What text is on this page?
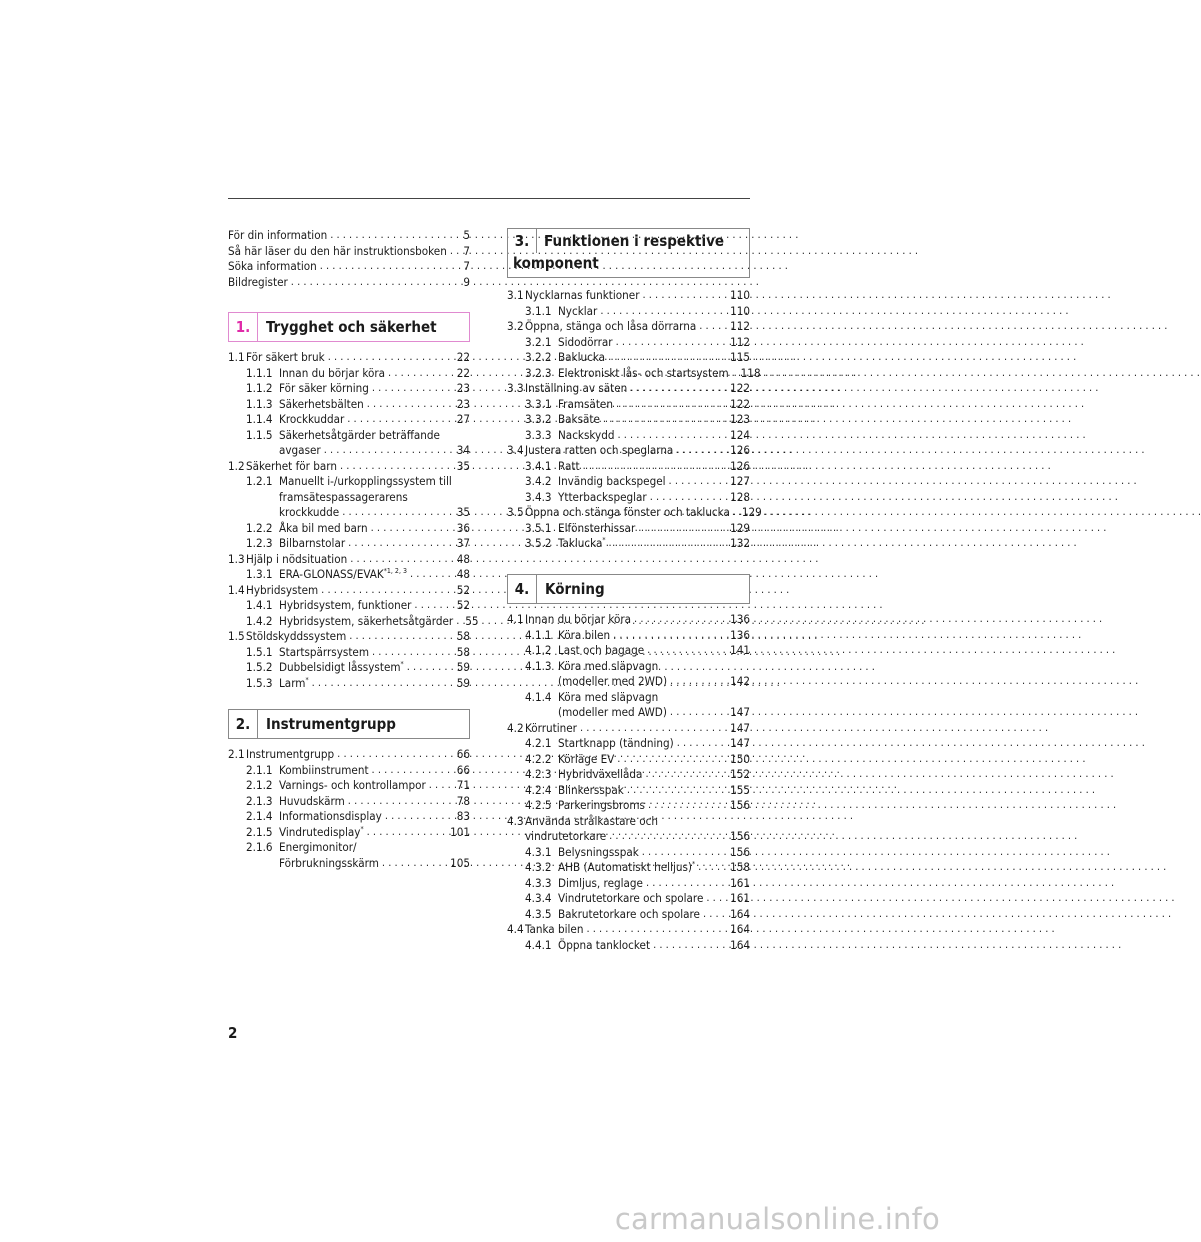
För din information . . .	5
Så här läser du den här instruktionsboken . . . 7
Söka information . . .	7
Bildregister . . .	9
1.	Trygghet och säkerhet
1.1För säkert bruk . . .	22
1.1.1 Innan du börjar köra . . .	22
1.1.2 För säker körning . . .	23
1.1.3 Säkerhetsbälten . . .	23
1.1.4 Krockkuddar . . .	27
1.1.5 Säkerhetsåtgärder beträffande
avgaser . . .	34
1.2Säkerhet för barn . . .	35
1.2.1 Manuellt i-/urkopplingssystem till
framsätespassagerarens
krockkudde . . .	35
1.2.2 Åka bil med barn . . .	36
1.2.3 Bilbarnstolar . . .	37
1.3Hjälp i nödsituation . . .	48
1.3.1 ERA-GLONASS/EVAK$^{*1, 2, 3}$ . . .	48
1.4Hybridsystem . . .	52
1.4.1 Hybridsystem, funktioner . . .	52
1.4.2 Hybridsystem, säkerhetsåtgärder . . . 55
1.5Stöldskyddssystem . . .	58
1.5.1 Startspärrsystem . . .	58
1.5.2 Dubbelsidigt låssystem* . . .	59
1.5.3 Larm* . . .	59
2.	Instrumentgrupp
2.1Instrumentgrupp . . .	66
2.1.1 Kombiinstrument . . .	66
2.1.2 Varnings- och kontrollampor . . .	71
2.1.3 Huvudskärm . . .	78
2.1.4 Informationsdisplay . . .	83
2.1.5 Vindrutedisplay* . . .	101
2.1.6 Energimonitor/
Förbrukningsskärm . . .	105
3. Funktionen i respektive
komponent
3.1Nycklarnas funktioner . . .	110
3.1.1 Nycklar . . .	110
3.2Öppna, stänga och låsa dörrarna . . .	112
3.2.1 Sidodörrar . . .	112
3.2.2 Baklucka . . .	115
3.2.3 Elektroniskt lås- och startsystem . . . 118
3.3Inställning av säten . . .	122
3.3.1 Framsäten . . .	122
3.3.2 Baksäte . . .	123
3.3.3 Nackskydd . . .	124
3.4Justera ratten och speglarna . . .	126
3.4.1 Ratt . . .	126
3.4.2 Invändig backspegel . . .	127
3.4.3 Ytterbackspeglar . . .	128
3.5Öppna och stänga fönster och taklucka . . . 129
3.5.1 Elfönsterhissar . . .	129
3.5.2 Taklucka* . . .	132
4.	Körning
4.1Innan du börjar köra . . .	136
4.1.1 Köra bilen . . .	136
4.1.2 Last och bagage . . .	141
4.1.3 Köra med släpvagn
(modeller med 2WD) . . .	142
4.1.4 Köra med släpvagn
(modeller med AWD) . . .	147
4.2Körrutiner . . .	147
4.2.1 Startknapp (tändning) . . .	147
4.2.2 Körläge EV . . .	150
4.2.3 Hybridväxellåda . . .	152
4.2.4 Blinkersspak . . .	155
4.2.5 Parkeringsbroms . . .	156
4.3Använda strålkastare och
vindrutetorkare . . .	156
4.3.1 Belysningsspak . . .	156
4.3.2 AHB (Automatiskt helljus)* . . .	158
4.3.3 Dimljus, reglage . . .	161
4.3.4 Vindrutetorkare och spolare . . . 161
4.3.5 Bakrutetorkare och spolare . . .	164
4.4Tanka bilen . . .	164
4.4.1 Öppna tanklocket . . .	164
2
carmanualsonline.info
